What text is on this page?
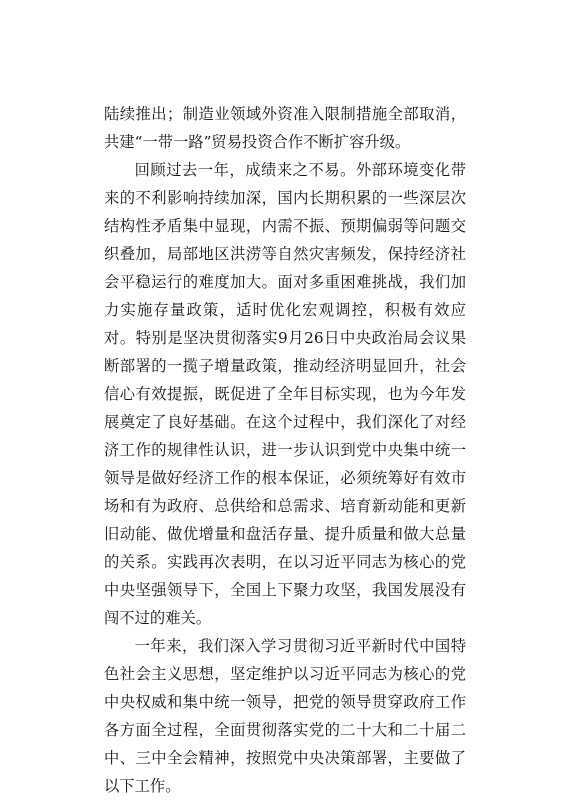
陆续推出；制造业领域外资准入限制措施全部取消，共建“一带一路”贸易投资合作不断扩容升级。

回顾过去一年，成绩来之不易。外部环境变化带来的不利影响持续加深，国内长期积累的一些深层次结构性矛盾集中显现，内需不振、预期偏弱等问题交织叠加，局部地区洪涝等自然灾害频发，保持经济社会平稳运行的难度加大。面对多重困难挑战，我们加力实施存量政策，适时优化宏观调控，积极有效应对。特别是坚决贯彻落实9月26日中央政治局会议果断部署的一揽子增量政策，推动经济明显回升，社会信心有效提振，既促进了全年目标实现，也为今年发展奠定了良好基础。在这个过程中，我们深化了对经济工作的规律性认识，进一步认识到党中央集中统一领导是做好经济工作的根本保证，必须统筹好有效市场和有为政府、总供给和总需求、培育新动能和更新旧动能、做优增量和盘活存量、提升质量和做大总量的关系。实践再次表明，在以习近平同志为核心的党中央坚强领导下，全国上下聚力攻坚，我国发展没有闯不过的难关。

一年来，我们深入学习贯彻习近平新时代中国特色社会主义思想，坚定维护以习近平同志为核心的党中央权威和集中统一领导，把党的领导贯穿政府工作各方面全过程，全面贯彻落实党的二十大和二十届二中、三中全会精神，按照党中央决策部署，主要做了以下工作。
